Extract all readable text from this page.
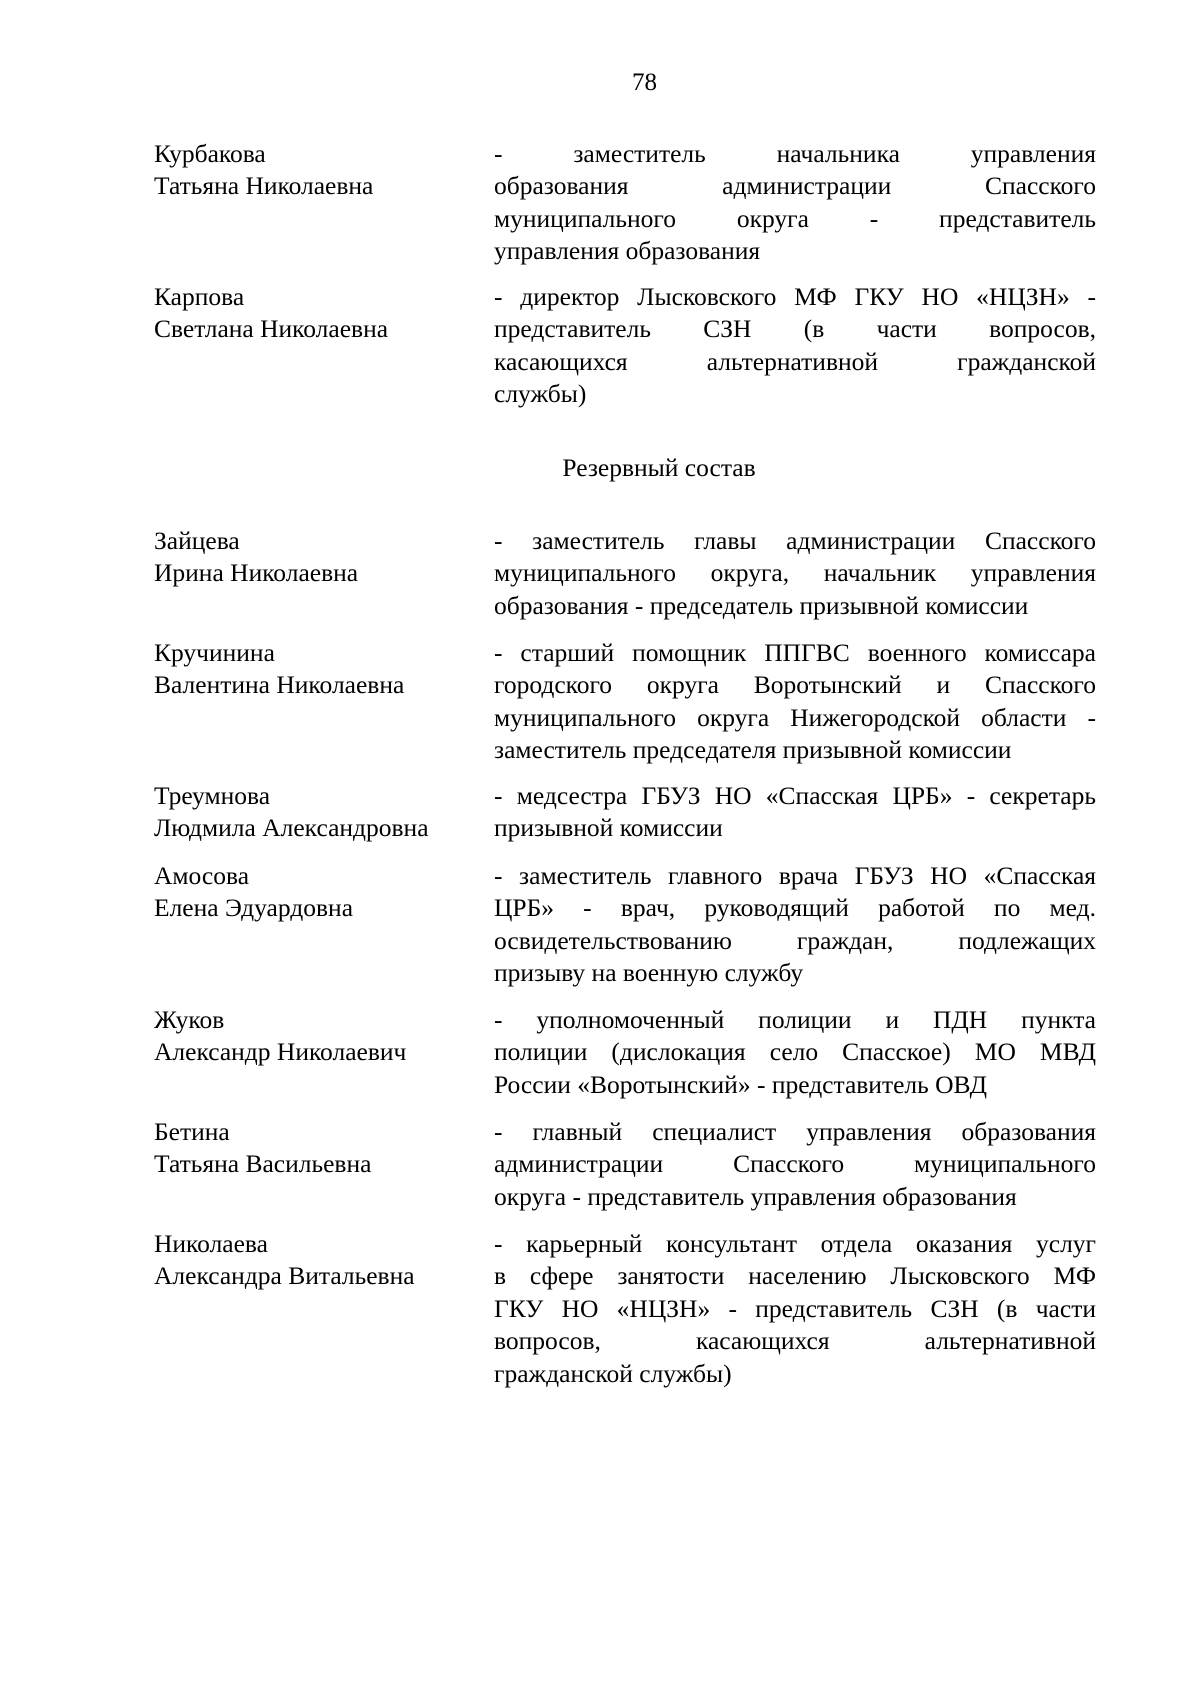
78
Курбакова
Татьяна Николаевна
- заместитель начальника управления
образования администрации Спасского
муниципального округа - представитель
управления образования
Карпова
Светлана Николаевна
- директор Лысковского МФ ГКУ НО «НЦЗН» -
представитель СЗН (в части вопросов,
касающихся альтернативной гражданской
службы)
Резервный состав
Зайцева
Ирина Николаевна
- заместитель главы администрации Спасского
муниципального округа, начальник управления
образования - председатель призывной комиссии
Кручинина
Валентина Николаевна
- старший помощник ППГВС военного комиссара
городского округа Воротынский и Спасского
муниципального округа Нижегородской области -
заместитель председателя призывной комиссии
Треумнова
Людмила Александровна
- медсестра ГБУЗ НО «Спасская ЦРБ» - секретарь
призывной комиссии
Амосова
Елена Эдуардовна
- заместитель главного врача ГБУЗ НО «Спасская
ЦРБ» - врач, руководящий работой по мед.
освидетельствованию граждан, подлежащих
призыву на военную службу
Жуков
Александр Николаевич
- уполномоченный полиции и ПДН пункта
полиции (дислокация село Спасское) МО МВД
России «Воротынский» - представитель ОВД
Бетина
Татьяна Васильевна
- главный специалист управления образования
администрации Спасского муниципального
округа - представитель управления образования
Николаева
Александра Витальевна
- карьерный консультант отдела оказания услуг
в сфере занятости населению Лысковского МФ
ГКУ НО «НЦЗН» - представитель СЗН (в части
вопросов, касающихся альтернативной
гражданской службы)
